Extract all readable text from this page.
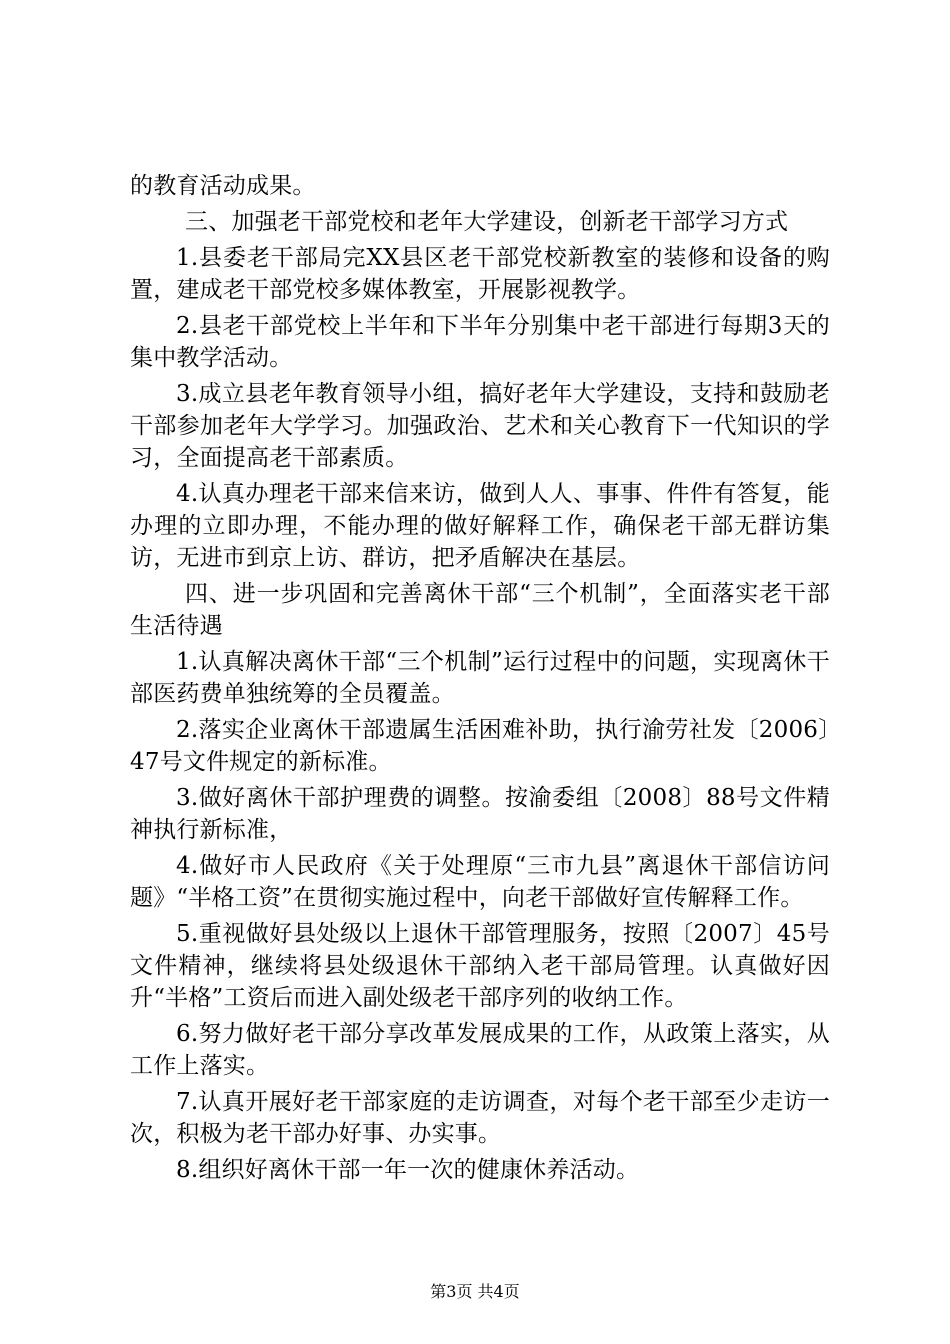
的教育活动成果。

三、加强老干部党校和老年大学建设，创新老干部学习方式

1.县委老干部局完XX县区老干部党校新教室的装修和设备的购置，建成老干部党校多媒体教室，开展影视教学。

2.县老干部党校上半年和下半年分别集中老干部进行每期3天的集中教学活动。

3.成立县老年教育领导小组，搞好老年大学建设，支持和鼓励老干部参加老年大学学习。加强政治、艺术和关心教育下一代知识的学习，全面提高老干部素质。

4.认真办理老干部来信来访，做到人人、事事、件件有答复，能办理的立即办理，不能办理的做好解释工作，确保老干部无群访集访，无进市到京上访、群访，把矛盾解决在基层。

四、进一步巩固和完善离休干部“三个机制”，全面落实老干部生活待遇

1.认真解决离休干部“三个机制”运行过程中的问题，实现离休干部医药费单独统筹的全员覆盖。

2.落实企业离休干部遗属生活困难补助，执行渝劳社发〔2006〕47号文件规定的新标准。

3.做好离休干部护理费的调整。按渝委组〔2008〕88号文件精神执行新标准，

4.做好市人民政府《关于处理原“三市九县”离退休干部信访问题》“半格工资”在贯彻实施过程中，向老干部做好宣传解释工作。

5.重视做好县处级以上退休干部管理服务，按照〔2007〕45号文件精神，继续将县处级退休干部纳入老干部局管理。认真做好因升“半格”工资后而进入副处级老干部序列的收纳工作。

6.努力做好老干部分享改革发展成果的工作，从政策上落实，从工作上落实。

7.认真开展好老干部家庭的走访调查，对每个老干部至少走访一次，积极为老干部办好事、办实事。

8.组织好离休干部一年一次的健康休养活动。

第3页 共4页
